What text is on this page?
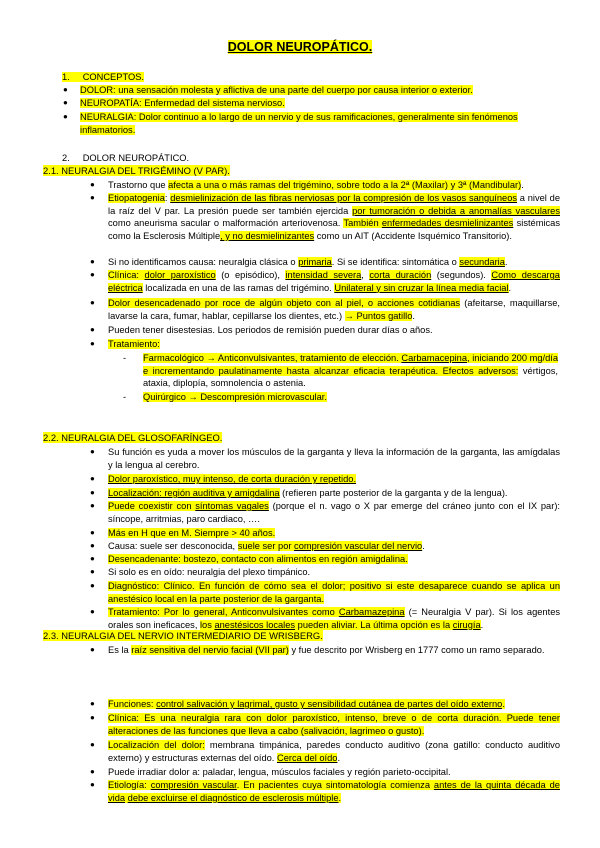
DOLOR NEUROPÁTICO.
1. CONCEPTOS.
● DOLOR: una sensación molesta y aflictiva de una parte del cuerpo por causa interior o exterior.
● NEUROPATÍA: Enfermedad del sistema nervioso.
● NEURALGIA: Dolor continuo a lo largo de un nervio y de sus ramificaciones, generalmente sin fenómenos
inflamatorios.
2. DOLOR NEUROPÁTICO.
2.1. NEURALGIA DEL TRIGÉMINO (V PAR).
● Trastorno que afecta a una o más ramas del trigémino, sobre todo a la 2ª (Maxilar) y 3ª (Mandibular).
● Etiopatogenia: desmielinización de las fibras nerviosas por la compresión de los vasos sanguíneos a nivel de la raíz del V par. La presión puede ser también ejercida por tumoración o debida a anomalías vasculares como aneurisma sacular o malformación arteriovenosa. También enfermedades desmielinizantes sistémicas como la Esclerosis Múltiple, y no desmielinizantes como un AIT (Accidente Isquémico Transitorio).
● Si no identificamos causa: neuralgia clásica o primaria. Si se identifica: sintomática o secundaria.
● Clínica: dolor paroxístico (o episódico), intensidad severa, corta duración (segundos). Como descarga eléctrica localizada en una de las ramas del trigémino. Unilateral y sin cruzar la línea media facial.
● Dolor desencadenado por roce de algún objeto con al piel, o acciones cotidianas (afeitarse, maquillarse, lavarse la cara, fumar, hablar, cepillarse los dientes, etc.) → Puntos gatillo.
● Pueden tener disestesias. Los periodos de remisión pueden durar días o años.
● Tratamiento:
- Farmacológico → Anticonvulsivantes, tratamiento de elección. Carbamacepina, iniciando 200 mg/día e incrementando paulatinamente hasta alcanzar eficacia terapéutica. Efectos adversos: vértigos, ataxia, diplopía, somnolencia o astenia.
- Quirúrgico → Descompresión microvascular.
2.2. NEURALGIA DEL GLOSOFARÍNGEO.
● Su función es yuda a mover los músculos de la garganta y lleva la información de la garganta, las amígdalas y la lengua al cerebro.
● Dolor paroxístico, muy intenso, de corta duración y repetido.
● Localización: región auditiva y amigdalina (refieren parte posterior de la garganta y de la lengua).
● Puede coexistir con síntomas vagales (porque el n. vago o X par emerge del cráneo junto con el IX par): síncope, arritmias, paro cardiaco, ….
● Más en H que en M. Siempre > 40 años.
● Causa: suele ser desconocida, suele ser por compresión vascular del nervio.
● Desencadenante: bostezo, contacto con alimentos en región amigdalina.
● Si solo es en oído: neuralgia del plexo timpánico.
● Diagnóstico: Clínico. En función de cómo sea el dolor; positivo si este desaparece cuando se aplica un anestésico local en la parte posterior de la garganta.
● Tratamiento: Por lo general, Anticonvulsivantes como Carbamazepina (= Neuralgia V par). Si los agentes orales son ineficaces, los anestésicos locales pueden aliviar. La última opción es la cirugía.
2.3. NEURALGIA DEL NERVIO INTERMEDIARIO DE WRISBERG.
● Es la raíz sensitiva del nervio facial (VII par) y fue descrito por Wrisberg en 1777 como un ramo separado.
● Funciones: control salivación y lagrimal, gusto y sensibilidad cutánea de partes del oído externo.
● Clínica: Es una neuralgia rara con dolor paroxístico, intenso, breve o de corta duración. Puede tener alteraciones de las funciones que lleva a cabo (salivación, lagrimeo o gusto).
● Localización del dolor: membrana timpánica, paredes conducto auditivo (zona gatillo: conducto auditivo externo) y estructuras externas del oído. Cerca del oído.
● Puede irradiar dolor a: paladar, lengua, músculos faciales y región parieto-occipital.
● Etiología: compresión vascular. En pacientes cuya sintomatología comienza antes de la quinta década de vida debe excluirse el diagnóstico de esclerosis múltiple.
